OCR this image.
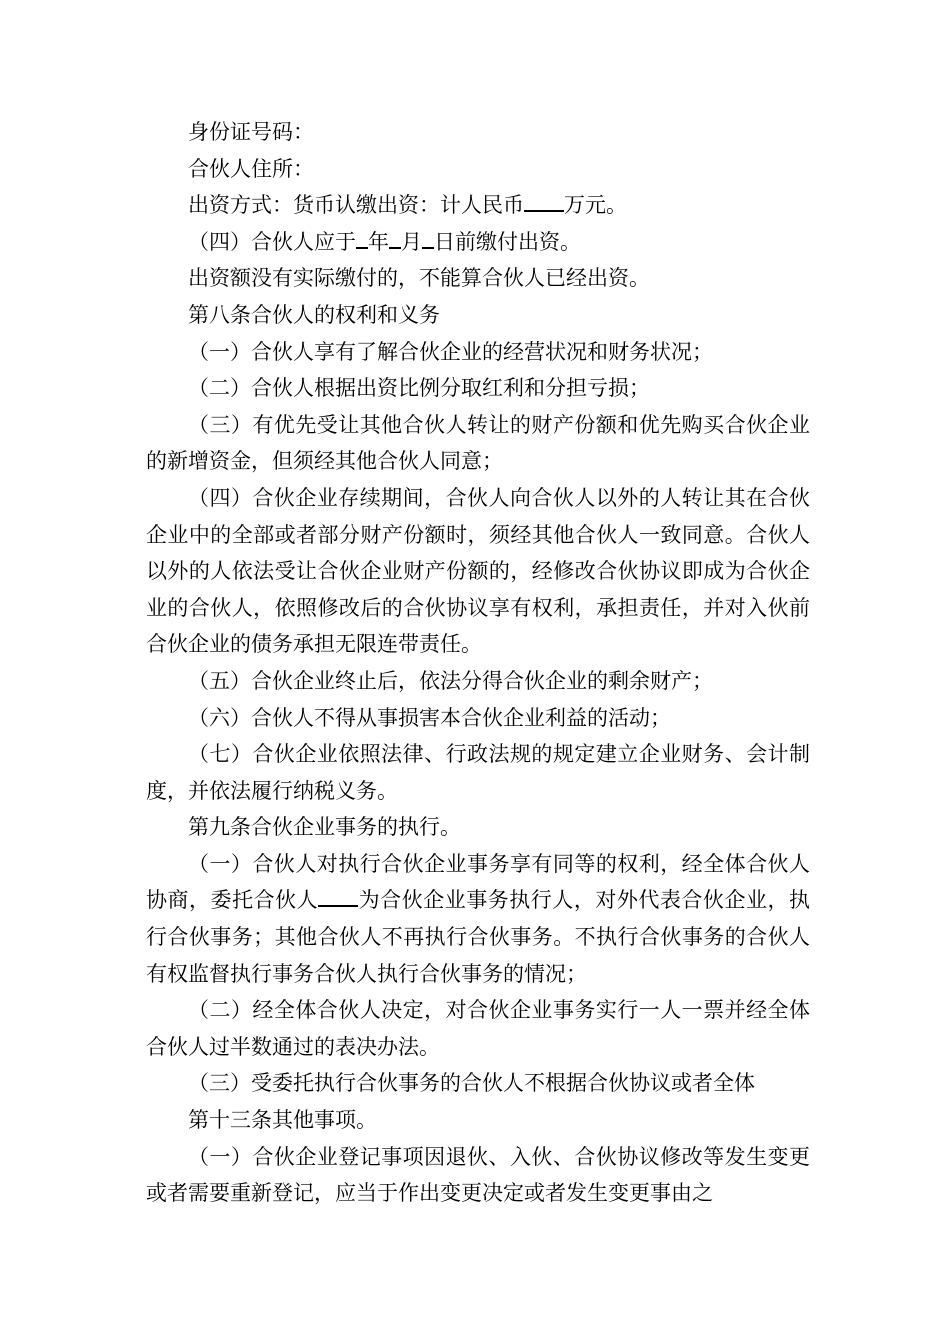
身份证号码：

合伙人住所：

出资方式：货币认缴出资：计人民币 万元。

（四）合伙人应于 年 月 日前缴付出资。

出资额没有实际缴付的，不能算合伙人已经出资。

第八条合伙人的权利和义务

（一）合伙人享有了解合伙企业的经营状况和财务状况；

（二）合伙人根据出资比例分取红利和分担亏损；

（三）有优先受让其他合伙人转让的财产份额和优先购买合伙企业的新增资金，但须经其他合伙人同意；

（四）合伙企业存续期间，合伙人向合伙人以外的人转让其在合伙企业中的全部或者部分财产份额时，须经其他合伙人一致同意。合伙人以外的人依法受让合伙企业财产份额的，经修改合伙协议即成为合伙企业的合伙人，依照修改后的合伙协议享有权利，承担责任，并对入伙前合伙企业的债务承担无限连带责任。

（五）合伙企业终止后，依法分得合伙企业的剩余财产；

（六）合伙人不得从事损害本合伙企业利益的活动；

（七）合伙企业依照法律、行政法规的规定建立企业财务、会计制度，并依法履行纳税义务。

第九条合伙企业事务的执行。

（一）合伙人对执行合伙企业事务享有同等的权利，经全体合伙人协商，委托合伙人 为合伙企业事务执行人，对外代表合伙企业，执行合伙事务；其他合伙人不再执行合伙事务。不执行合伙事务的合伙人有权监督执行事务合伙人执行合伙事务的情况；

（二）经全体合伙人决定，对合伙企业事务实行一人一票并经全体合伙人过半数通过的表决办法。

（三）受委托执行合伙事务的合伙人不根据合伙协议或者全体

第十三条其他事项。

（一）合伙企业登记事项因退伙、入伙、合伙协议修改等发生变更或者需要重新登记，应当于作出变更决定或者发生变更事由之
